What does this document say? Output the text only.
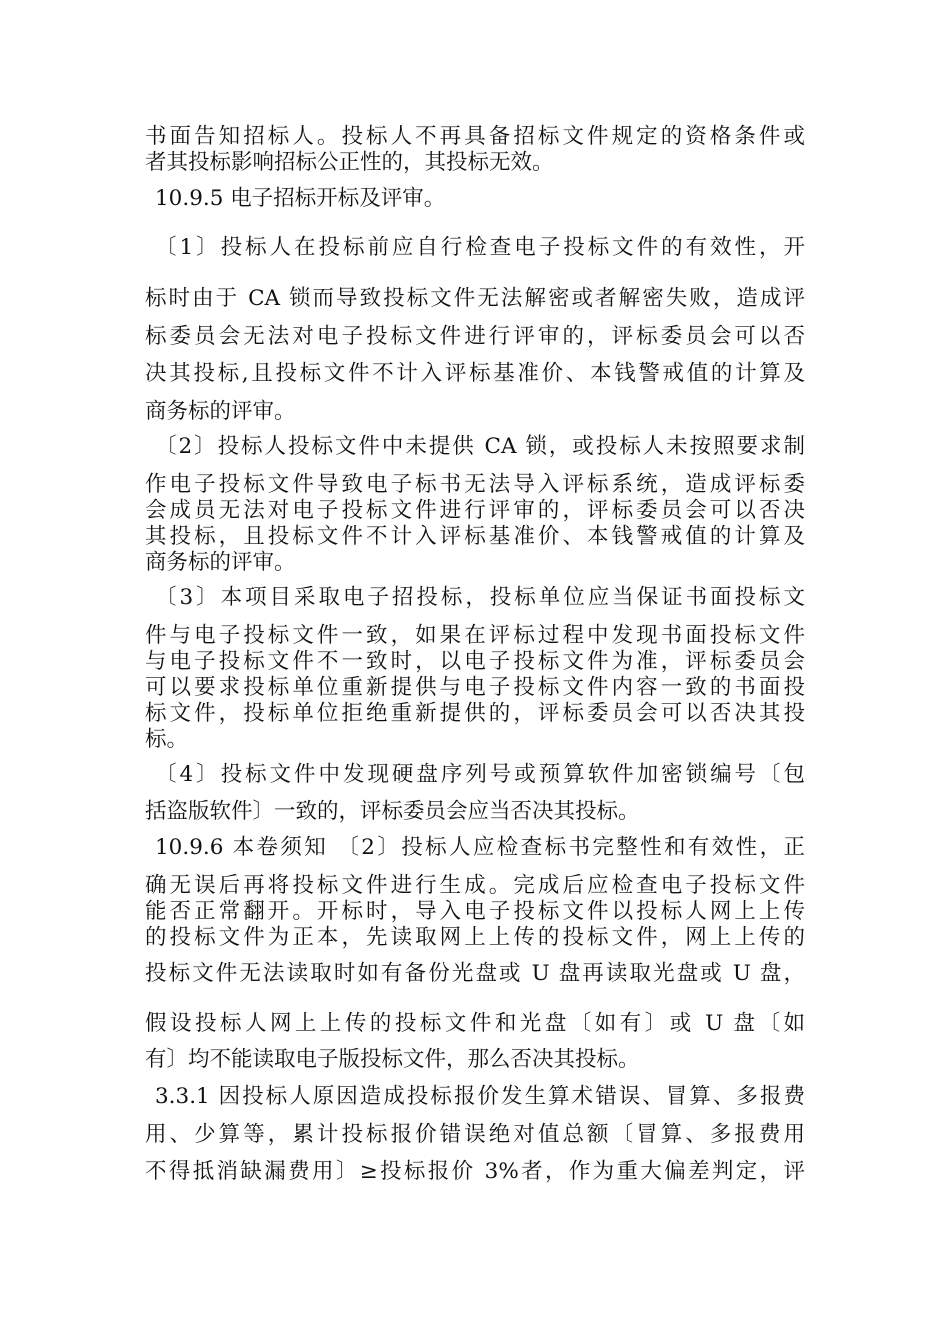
书面告知招标人。投标人不再具备招标文件规定的资格条件或
者其投标影响招标公正性的，其投标无效。
10.9.5 电子招标开标及评审。
〔1〕投标人在投标前应自行检查电子投标文件的有效性，开
标时由于 CA 锁而导致投标文件无法解密或者解密失败，造成评
标委员会无法对电子投标文件进行评审的，评标委员会可以否
决其投标,且投标文件不计入评标基准价、本钱警戒值的计算及
商务标的评审。
〔2〕投标人投标文件中未提供 CA 锁，或投标人未按照要求制
作电子投标文件导致电子标书无法导入评标系统，造成评标委
会成员无法对电子投标文件进行评审的，评标委员会可以否决
其投标，且投标文件不计入评标基准价、本钱警戒值的计算及
商务标的评审。
〔3〕本项目采取电子招投标，投标单位应当保证书面投标文
件与电子投标文件一致，如果在评标过程中发现书面投标文件
与电子投标文件不一致时，以电子投标文件为准，评标委员会
可以要求投标单位重新提供与电子投标文件内容一致的书面投
标文件，投标单位拒绝重新提供的，评标委员会可以否决其投
标。
〔4〕投标文件中发现硬盘序列号或预算软件加密锁编号〔包
括盗版软件〕一致的，评标委员会应当否决其投标。
10.9.6 本卷须知 〔2〕投标人应检查标书完整性和有效性，正
确无误后再将投标文件进行生成。完成后应检查电子投标文件
能否正常翻开。开标时，导入电子投标文件以投标人网上上传
的投标文件为正本，先读取网上上传的投标文件，网上上传的
投标文件无法读取时如有备份光盘或 U 盘再读取光盘或 U 盘，
假设投标人网上上传的投标文件和光盘〔如有〕或 U 盘〔如
有〕均不能读取电子版投标文件，那么否决其投标。
3.3.1 因投标人原因造成投标报价发生算术错误、冒算、多报费
用、少算等，累计投标报价错误绝对值总额〔冒算、多报费用
不得抵消缺漏费用〕≥投标报价 3%者，作为重大偏差判定，评
